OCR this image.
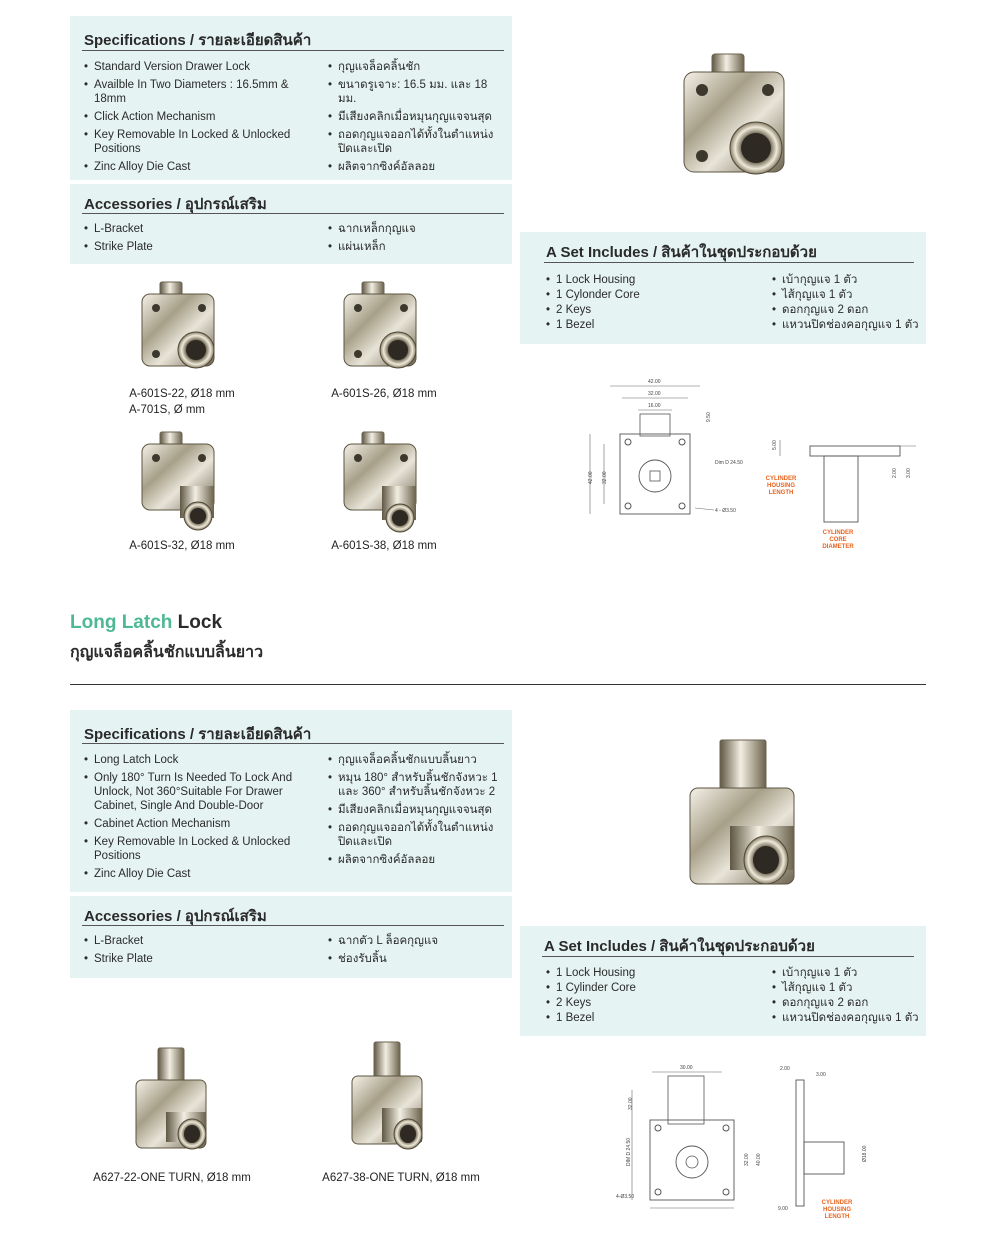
Specifications / รายละเอียดสินค้า
• Standard Version Drawer Lock
• Availble In Two Diameters : 16.5mm & 18mm
• Click Action Mechanism
• Key Removable In Locked & Unlocked Positions
• Zinc Alloy Die Cast
• กุญแจล็อคลิ้นชัก
• ขนาดรูเจาะ: 16.5 มม. และ 18 มม.
• มีเสียงคลิกเมื่อหมุนกุญแจจนสุด
• ถอดกุญแจออกได้ทั้งในตำแหน่ง ปิดและเปิด
• ผลิตจากซิงค์อัลลอย
Accessories / อุปกรณ์เสริม
• L-Bracket
• Strike Plate
• ฉากเหล็กกุญแจ
• แผ่นเหล็ก	A Set Includes / สินค้าในชุดประกอบด้วย
• 1 Lock Housing
• 1 Cylonder Core
• 2 Keys
• 1 Bezel
• เบ้ากุญแจ 1 ตัว
• ไส้กุญแจ 1 ตัว
• ดอกกุญแจ 2 ดอก
• แหวนปิดช่องคอกุญแจ 1 ตัว
A-601S-22, Ø18 mm
A-701S, Ø mm
A-601S-26, Ø18 mm
A-601S-32, Ø18 mm	A-601S-38, Ø18 mm
42.00
32.00
16.00
9.50
42.00 32.00
Dim D 24.50
4 - Ø3.50
5.00
2.00 3.00
CYLINDER HOUSING LENGTH
CYLINDER CORE DIAMETER
Long Latch Lock
กุญแจล็อคลิ้นชักแบบลิ้นยาว
Specifications / รายละเอียดสินค้า
• Long Latch Lock
• Only 180° Turn Is Needed To Lock And Unlock, Not 360°Suitable For Drawer Cabinet, Single And Double-Door
• Cabinet Action Mechanism
• Key Removable In Locked & Unlocked Positions
• Zinc Alloy Die Cast
• กุญแจล็อคลิ้นชักแบบลิ้นยาว
• หมุน 180° สำหรับลิ้นชักจังหวะ 1 และ 360° สำหรับลิ้นชักจังหวะ 2
• มีเสียงคลิกเมื่อหมุนกุญแจจนสุด
• ถอดกุญแจออกได้ทั้งในตำแหน่ง ปิดและเปิด
• ผลิตจากซิงค์อัลลอย
Accessories / อุปกรณ์เสริม
• L-Bracket
• Strike Plate
• ฉากตัว L ล็อคกุญแจ
• ช่องรับลิ้น
A Set Includes / สินค้าในชุดประกอบด้วย
• 1 Lock Housing
• 1 Cylinder Core
• 2 Keys
• 1 Bezel
• เบ้ากุญแจ 1 ตัว
• ไส้กุญแจ 1 ตัว
• ดอกกุญแจ 2 ดอก
• แหวนปิดช่องคอกุญแจ 1 ตัว
A627-22-ONE TURN, Ø18 mm	A627-38-ONE TURN, Ø18 mm
30.00
32.00
DIM D 24.50	32.00 40.00
4-Ø3.50
2.00
3.00
Ø18.00
9.00
CYLINDER HOUSING LENGTH
